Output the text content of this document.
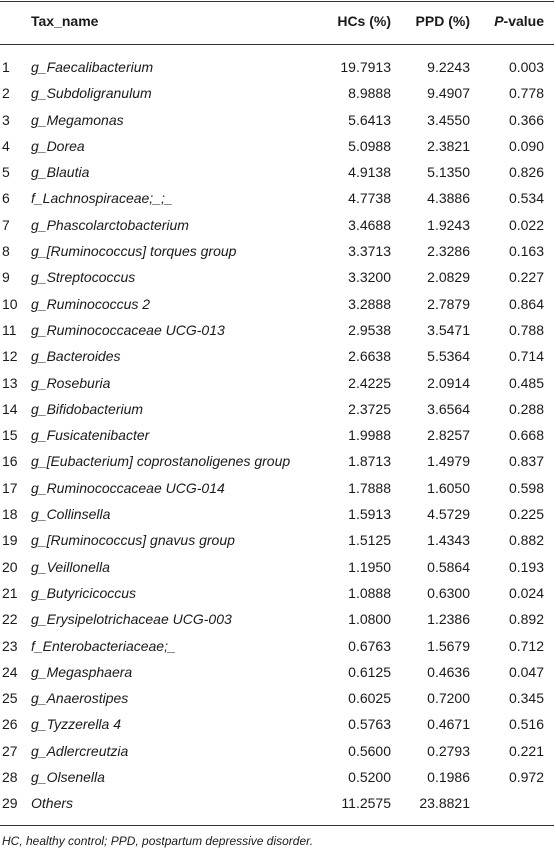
Tax_name	HCs (%) PPD (%) P-value
1 g_Faecalibacterium	19.7913	9.2243	0.003
2 g_Subdoligranulum	8.9888	9.4907	0.778
3 g_Megamonas	5.6413	3.4550	0.366
4 g_Dorea	5.0988	2.3821	0.090
5 g_Blautia	4.9138	5.1350	0.826
6 f_Lachnospiraceae;_;_	4.7738	4.3886	0.534
7 g_Phascolarctobacterium	3.4688	1.9243	0.022
8 g_[Ruminococcus] torques group	3.3713	2.3286	0.163
9 g_Streptococcus	3.3200	2.0829	0.227
10 g_Ruminococcus 2	3.2888	2.7879	0.864
11 g_Ruminococcaceae UCG-013	2.9538	3.5471	0.788
12 g_Bacteroides	2.6638	5.5364	0.714
13 g_Roseburia	2.4225	2.0914	0.485
14 g_Bifidobacterium	2.3725	3.6564	0.288
15 g_Fusicatenibacter	1.9988	2.8257	0.668
16 g_[Eubacterium] coprostanoligenes group	1.8713	1.4979	0.837
17 g_Ruminococcaceae UCG-014	1.7888	1.6050	0.598
18 g_Collinsella	1.5913	4.5729	0.225
19 g_[Ruminococcus] gnavus group	1.5125	1.4343	0.882
20 g_Veillonella	1.1950	0.5864	0.193
21 g_Butyricicoccus	1.0888	0.6300	0.024
22 g_Erysipelotrichaceae UCG-003	1.0800	1.2386	0.892
23 f_Enterobacteriaceae;_	0.6763	1.5679	0.712
24 g_Megasphaera	0.6125	0.4636	0.047
25 g_Anaerostipes	0.6025	0.7200	0.345
26 g_Tyzzerella 4	0.5763	0.4671	0.516
27 g_Adlercreutzia	0.5600	0.2793	0.221
28 g_Olsenella	0.5200	0.1986	0.972
29 Others	11.2575 23.8821
HC, healthy control; PPD, postpartum depressive disorder.
